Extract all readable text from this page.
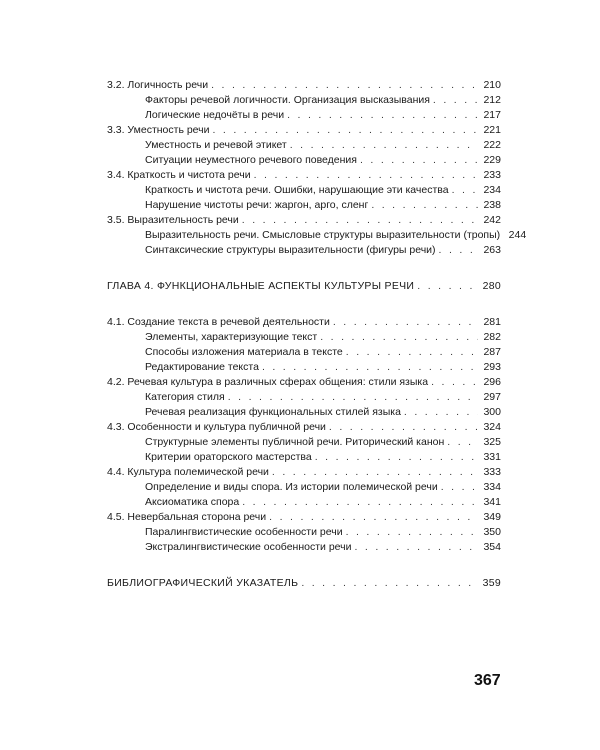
3.2. Логичность речи . . .	210
Факторы речевой логичности. Организация высказывания . . .	212
Логические недочёты в речи . . .	217
3.3. Уместность речи . . .	221
Уместность и речевой этикет . . .	222
Ситуации неуместного речевого поведения . . .	229
3.4. Краткость и чистота речи . . .	233
Краткость и чистота речи. Ошибки, нарушающие эти качества . . .	234
Нарушение чистоты речи: жаргон, арго, сленг . . .	238
3.5. Выразительность речи . . .	242
Выразительность речи. Смысловые структуры выразительности (тропы) 244
Синтаксические структуры выразительности (фигуры речи) . . .	263
ГЛАВА 4. ФУНКЦИОНАЛЬНЫЕ АСПЕКТЫ КУЛЬТУРЫ РЕЧИ . . .	280
4.1. Создание текста в речевой деятельности . . .	281
Элементы, характеризующие текст . . .	282
Способы изложения материала в тексте . . .	287
Редактирование текста . . .	293
4.2. Речевая культура в различных сферах общения: стили языка . . .	296
Категория стиля . . .	297
Речевая реализация функциональных стилей языка . . .	300
4.3. Особенности и культура публичной речи . . .	324
Структурные элементы публичной речи. Риторический канон . . .	325
Критерии ораторского мастерства . . .	331
4.4. Культура полемической речи . . .	333
Определение и виды спора. Из истории полемической речи . . .	334
Аксиоматика спора . . .	341
4.5. Невербальная сторона речи . . .	349
Паралингвистические особенности речи . . .	350
Экстралингвистические особенности речи . . .	354
БИБЛИОГРАФИЧЕСКИЙ УКАЗАТЕЛЬ . . .	359
367
